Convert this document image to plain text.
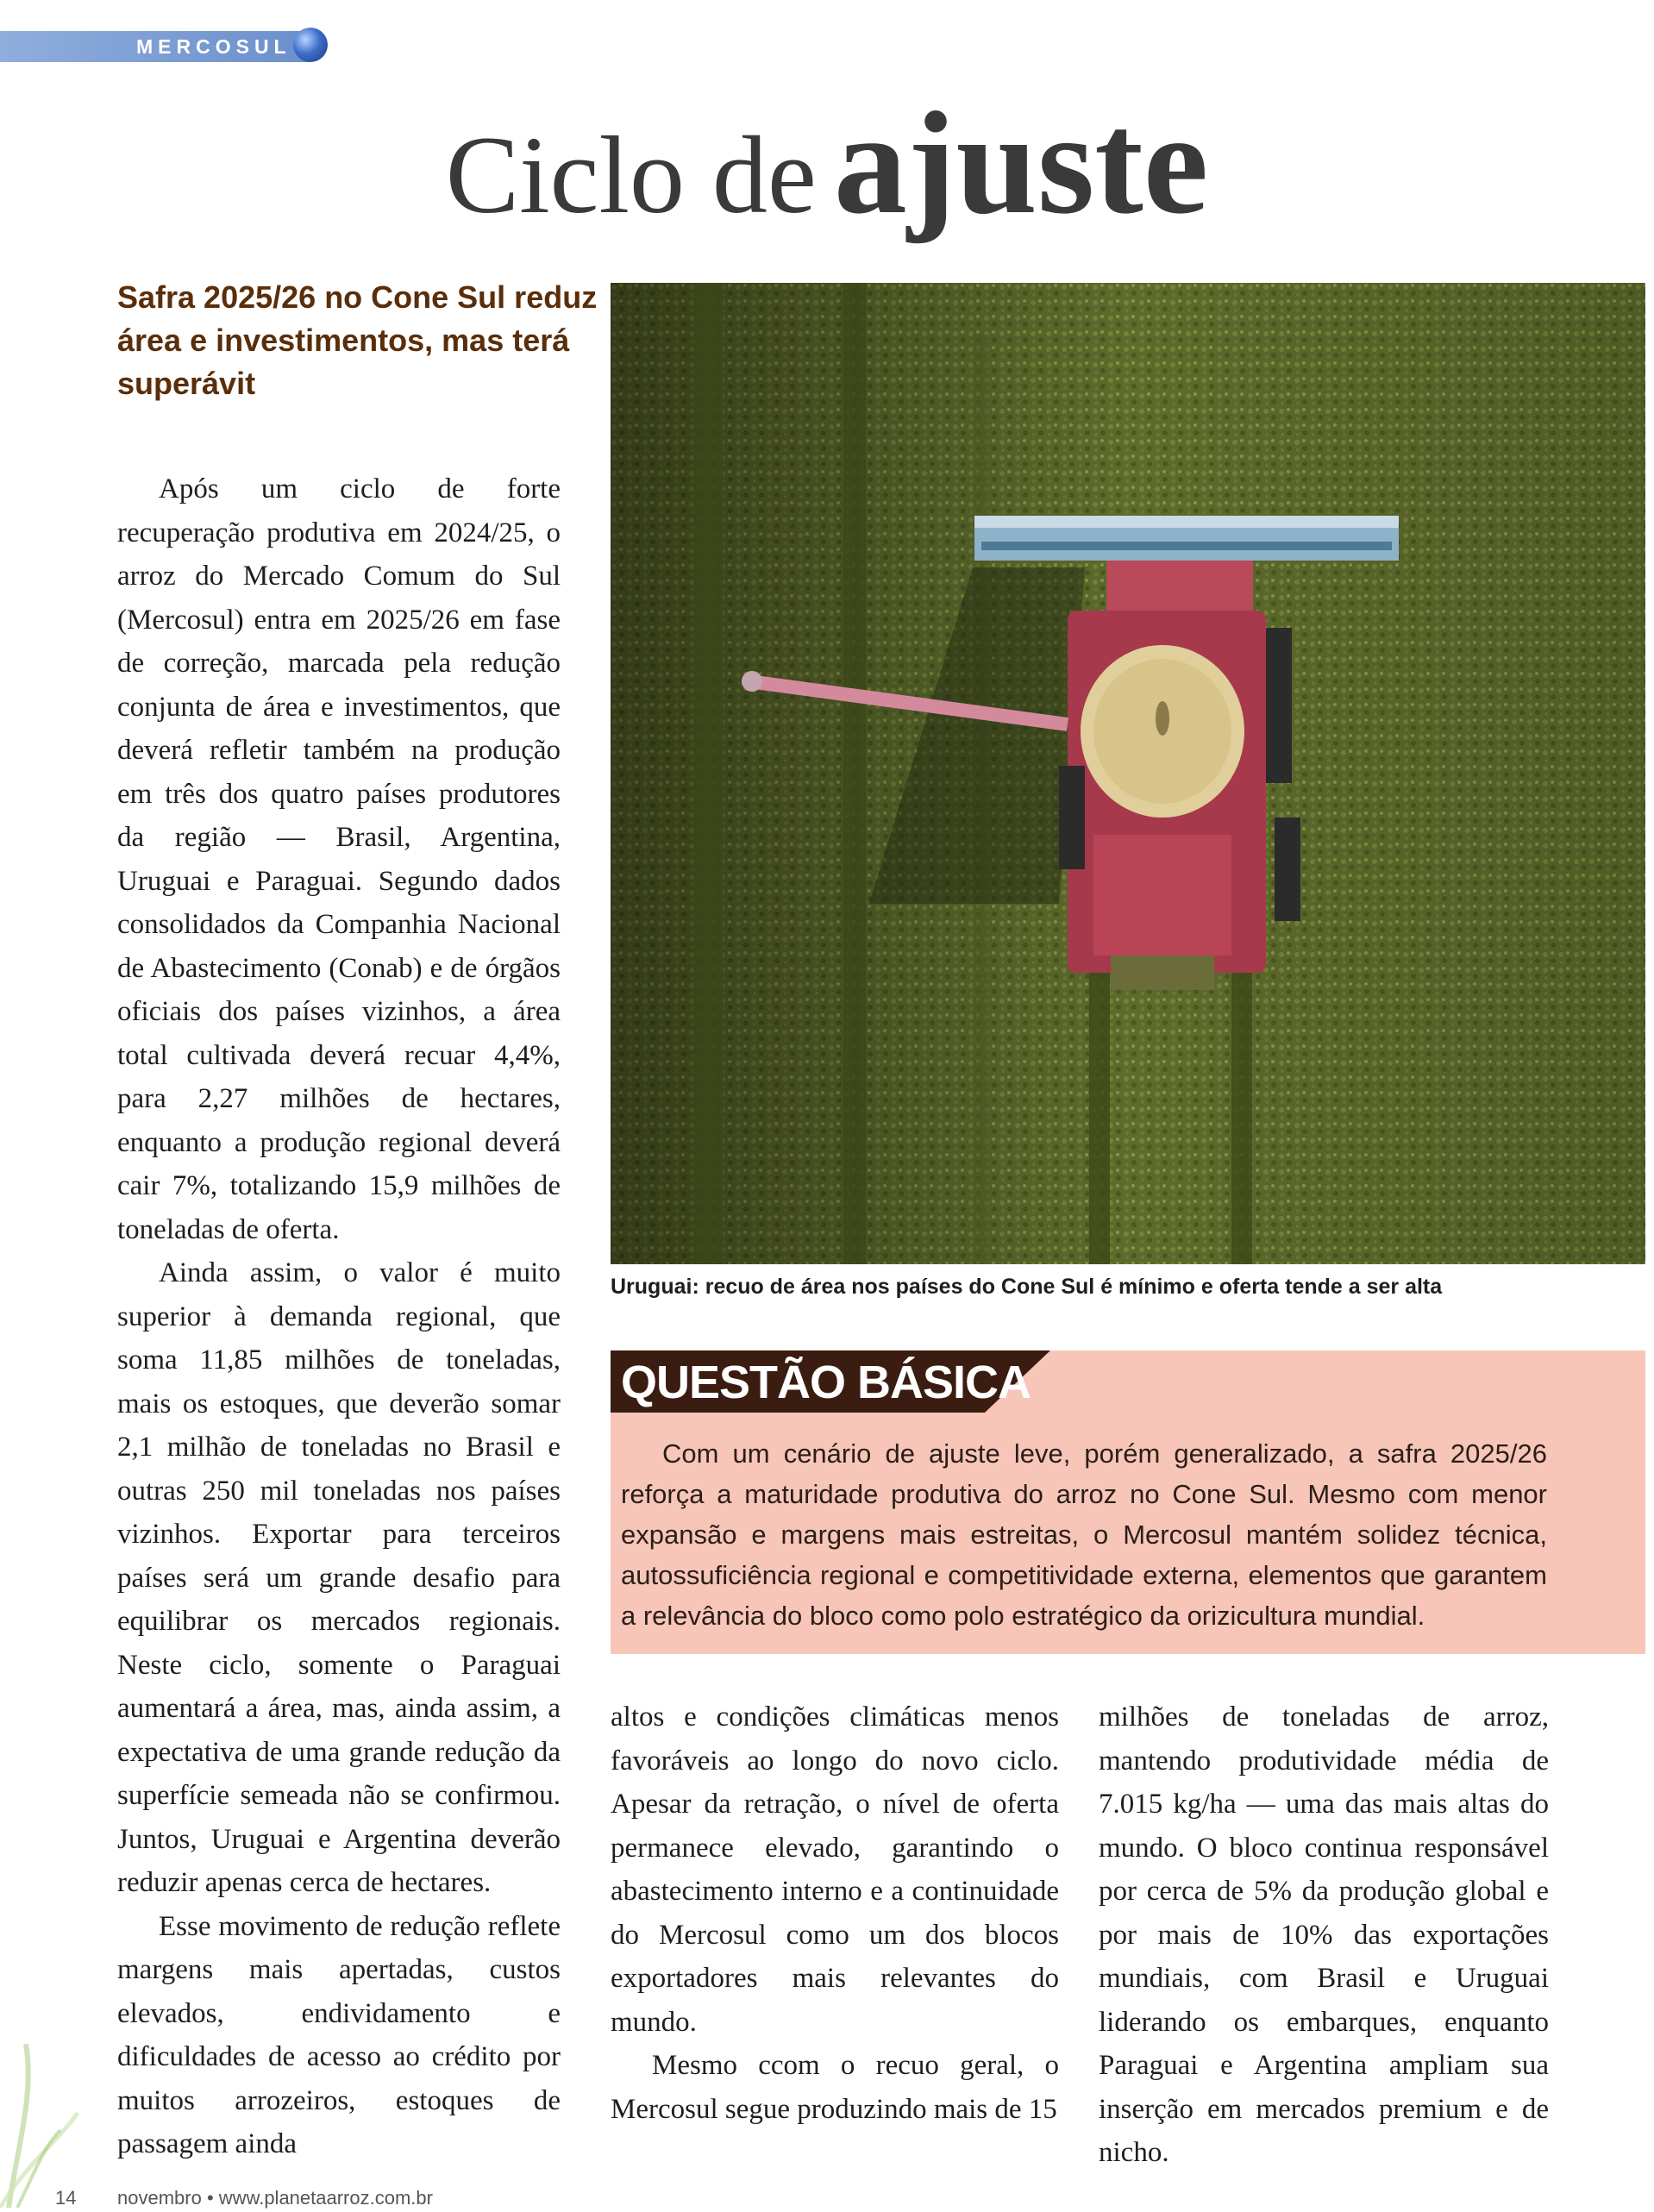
MERCOSUL
Ciclo de ajuste
Safra 2025/26 no Cone Sul reduz área e investimentos, mas terá superávit

Após um ciclo de forte recuperação produtiva em 2024/25, o arroz do Mercado Comum do Sul (Mercosul) entra em 2025/26 em fase de correção, marcada pela redução conjunta de área e investimentos, que deverá refletir também na produção em três dos quatro países produtores da região — Brasil, Argentina, Uruguai e Paraguai. Segundo dados consolidados da Companhia Nacional de Abastecimento (Conab) e de órgãos oficiais dos países vizinhos, a área total cultivada deverá recuar 4,4%, para 2,27 milhões de hectares, enquanto a produção regional deverá cair 7%, totalizando 15,9 milhões de toneladas de oferta.

Ainda assim, o valor é muito superior à demanda regional, que soma 11,85 milhões de toneladas, mais os estoques, que deverão somar 2,1 milhão de toneladas no Brasil e outras 250 mil toneladas nos países vizinhos. Exportar para terceiros países será um grande desafio para equilibrar os mercados regionais. Neste ciclo, somente o Paraguai aumentará a área, mas, ainda assim, a expectativa de uma grande redução da superfície semeada não se confirmou. Juntos, Uruguai e Argentina deverão reduzir apenas cerca de hectares.

Esse movimento de redução reflete margens mais apertadas, custos elevados, endividamento e dificuldades de acesso ao crédito por muitos arrozeiros, estoques de passagem ainda

Uruguai: recuo de área nos países do Cone Sul é mínimo e oferta tende a ser alta

QUESTÃO BÁSICA

Com um cenário de ajuste leve, porém generalizado, a safra 2025/26 reforça a maturidade produtiva do arroz no Cone Sul. Mesmo com menor expansão e margens mais estreitas, o Mercosul mantém solidez técnica, autossuficiência regional e competitividade externa, elementos que garantem a relevância do bloco como polo estratégico da orizicultura mundial.

altos e condições climáticas menos favoráveis ao longo do novo ciclo. Apesar da retração, o nível de oferta permanece elevado, garantindo o abastecimento interno e a continuidade do Mercosul como um dos blocos exportadores mais relevantes do mundo.

Mesmo ccom o recuo geral, o Mercosul segue produzindo mais de 15

milhões de toneladas de arroz, mantendo produtividade média de 7.015 kg/ha — uma das mais altas do mundo. O bloco continua responsável por cerca de 5% da produção global e por mais de 10% das exportações mundiais, com Brasil e Uruguai liderando os embarques, enquanto Paraguai e Argentina ampliam sua inserção em mercados premium e de nicho.

14	novembro • www.planetaarroz.com.br
